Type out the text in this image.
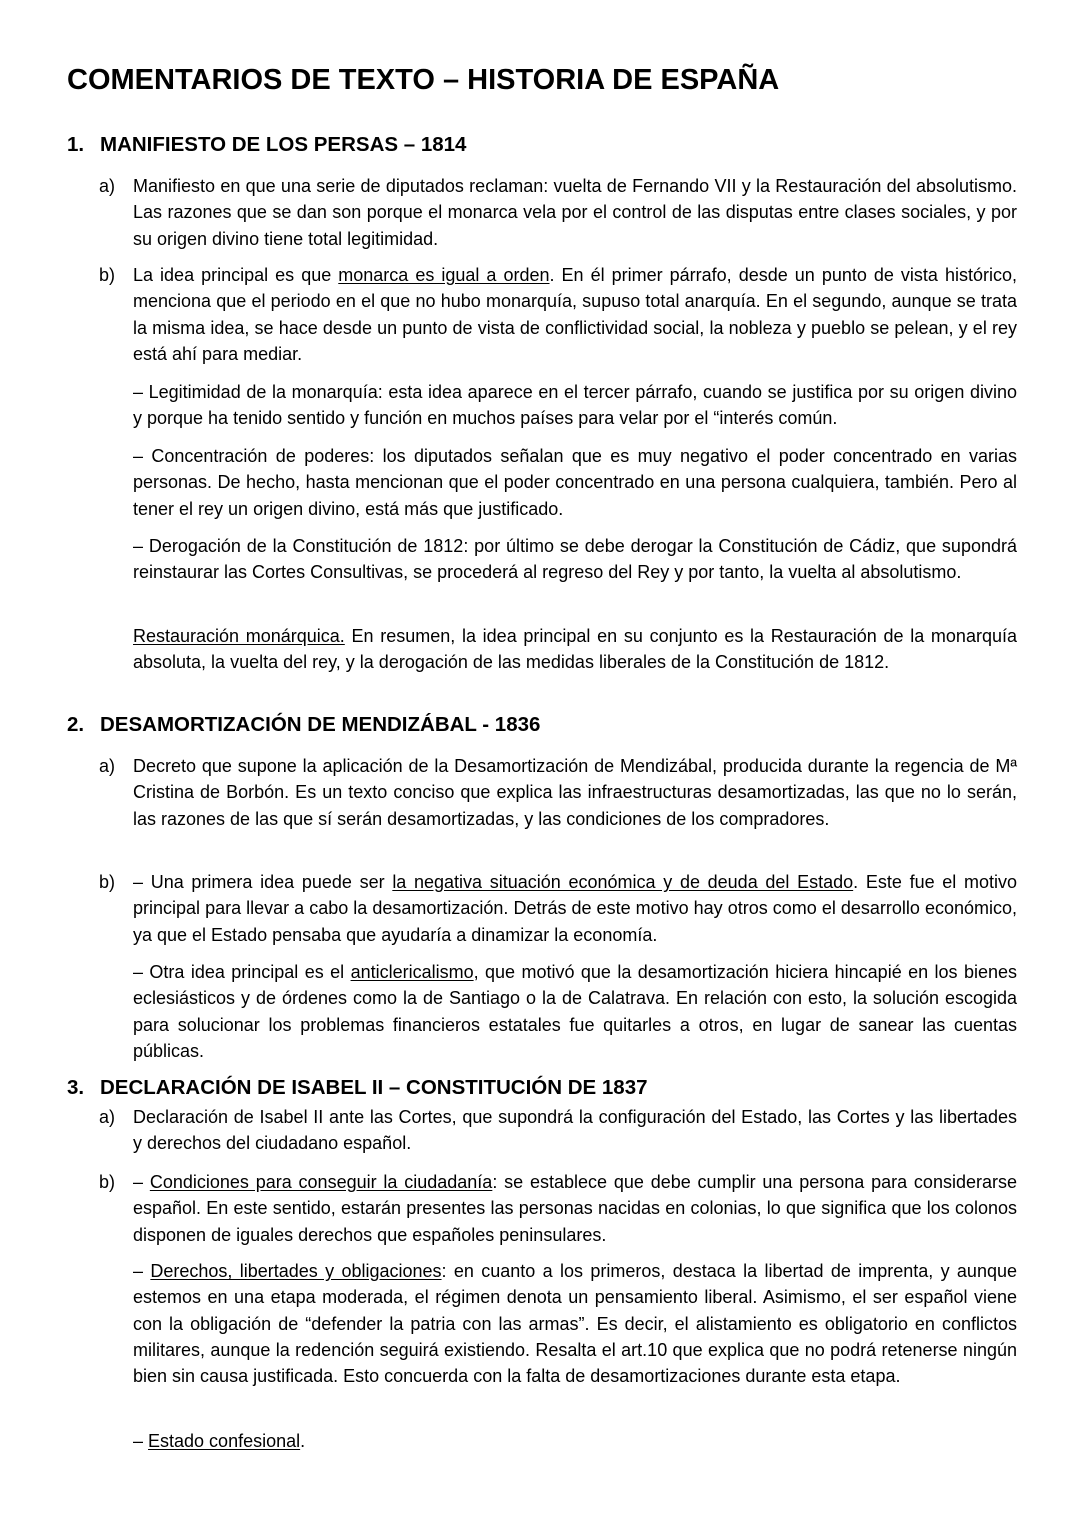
COMENTARIOS DE TEXTO – HISTORIA DE ESPAÑA
1. MANIFIESTO DE LOS PERSAS – 1814
a) Manifiesto en que una serie de diputados reclaman: vuelta de Fernando VII y la Restauración del absolutismo. Las razones que se dan son porque el monarca vela por el control de las disputas entre clases sociales, y por su origen divino tiene total legitimidad.

b) La idea principal es que monarca es igual a orden. En él primer párrafo, desde un punto de vista histórico, menciona que el periodo en el que no hubo monarquía, supuso total anarquía. En el segundo, aunque se trata la misma idea, se hace desde un punto de vista de conflictividad social, la nobleza y pueblo se pelean, y el rey está ahí para mediar.

– Legitimidad de la monarquía: esta idea aparece en el tercer párrafo, cuando se justifica por su origen divino y porque ha tenido sentido y función en muchos países para velar por el “interés común.

– Concentración de poderes: los diputados señalan que es muy negativo el poder concentrado en varias personas. De hecho, hasta mencionan que el poder concentrado en una persona cualquiera, también. Pero al tener el rey un origen divino, está más que justificado.

– Derogación de la Constitución de 1812: por último se debe derogar la Constitución de Cádiz, que supondrá reinstaurar las Cortes Consultivas, se procederá al regreso del Rey y por tanto, la vuelta al absolutismo.

Restauración monárquica. En resumen, la idea principal en su conjunto es la Restauración de la monarquía absoluta, la vuelta del rey, y la derogación de las medidas liberales de la Constitución de 1812.

2. DESAMORTIZACIÓN DE MENDIZÁBAL - 1836
a) Decreto que supone la aplicación de la Desamortización de Mendizábal, producida durante la regencia de Mª Cristina de Borbón. Es un texto conciso que explica las infraestructuras desamortizadas, las que no lo serán, las razones de las que sí serán desamortizadas, y las condiciones de los compradores.

b) – Una primera idea puede ser la negativa situación económica y de deuda del Estado. Este fue el motivo principal para llevar a cabo la desamortización. Detrás de este motivo hay otros como el desarrollo económico, ya que el Estado pensaba que ayudaría a dinamizar la economía.

– Otra idea principal es el anticlericalismo, que motivó que la desamortización hiciera hincapié en los bienes eclesiásticos y de órdenes como la de Santiago o la de Calatrava. En relación con esto, la solución escogida para solucionar los problemas financieros estatales fue quitarles a otros, en lugar de sanear las cuentas públicas.

3. DECLARACIÓN DE ISABEL II – CONSTITUCIÓN DE 1837
a) Declaración de Isabel II ante las Cortes, que supondrá la configuración del Estado, las Cortes y las libertades y derechos del ciudadano español.

b) – Condiciones para conseguir la ciudadanía: se establece que debe cumplir una persona para considerarse español. En este sentido, estarán presentes las personas nacidas en colonias, lo que significa que los colonos disponen de iguales derechos que españoles peninsulares.

– Derechos, libertades y obligaciones: en cuanto a los primeros, destaca la libertad de imprenta, y aunque estemos en una etapa moderada, el régimen denota un pensamiento liberal. Asimismo, el ser español viene con la obligación de “defender la patria con las armas”. Es decir, el alistamiento es obligatorio en conflictos militares, aunque la redención seguirá existiendo. Resalta el art.10 que explica que no podrá retenerse ningún bien sin causa justificada. Esto concuerda con la falta de desamortizaciones durante esta etapa.

– Estado confesional.
